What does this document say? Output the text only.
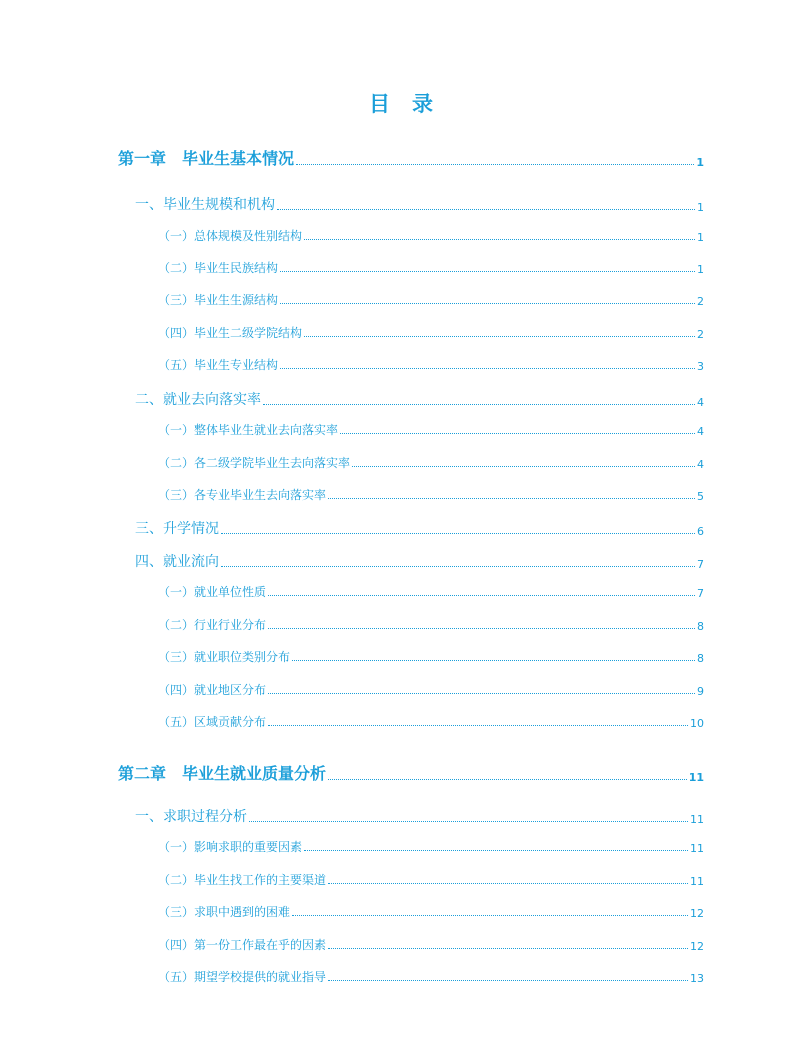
目录
第一章　毕业生基本情况	1
一、毕业生规模和机构	1
（一）总体规模及性别结构	1
（二）毕业生民族结构	1
（三）毕业生生源结构	2
（四）毕业生二级学院结构	2
（五）毕业生专业结构	3
二、就业去向落实率	4
（一）整体毕业生就业去向落实率	4
（二）各二级学院毕业生去向落实率	4
（三）各专业毕业生去向落实率	5
三、升学情况	6
四、就业流向	7
（一）就业单位性质	7
（二）行业行业分布	8
（三）就业职位类别分布	8
（四）就业地区分布	9
（五）区域贡献分布	10
第二章　毕业生就业质量分析	11
一、求职过程分析	11
（一）影响求职的重要因素	11
（二）毕业生找工作的主要渠道	11
（三）求职中遇到的困难	12
（四）第一份工作最在乎的因素	12
（五）期望学校提供的就业指导	13
